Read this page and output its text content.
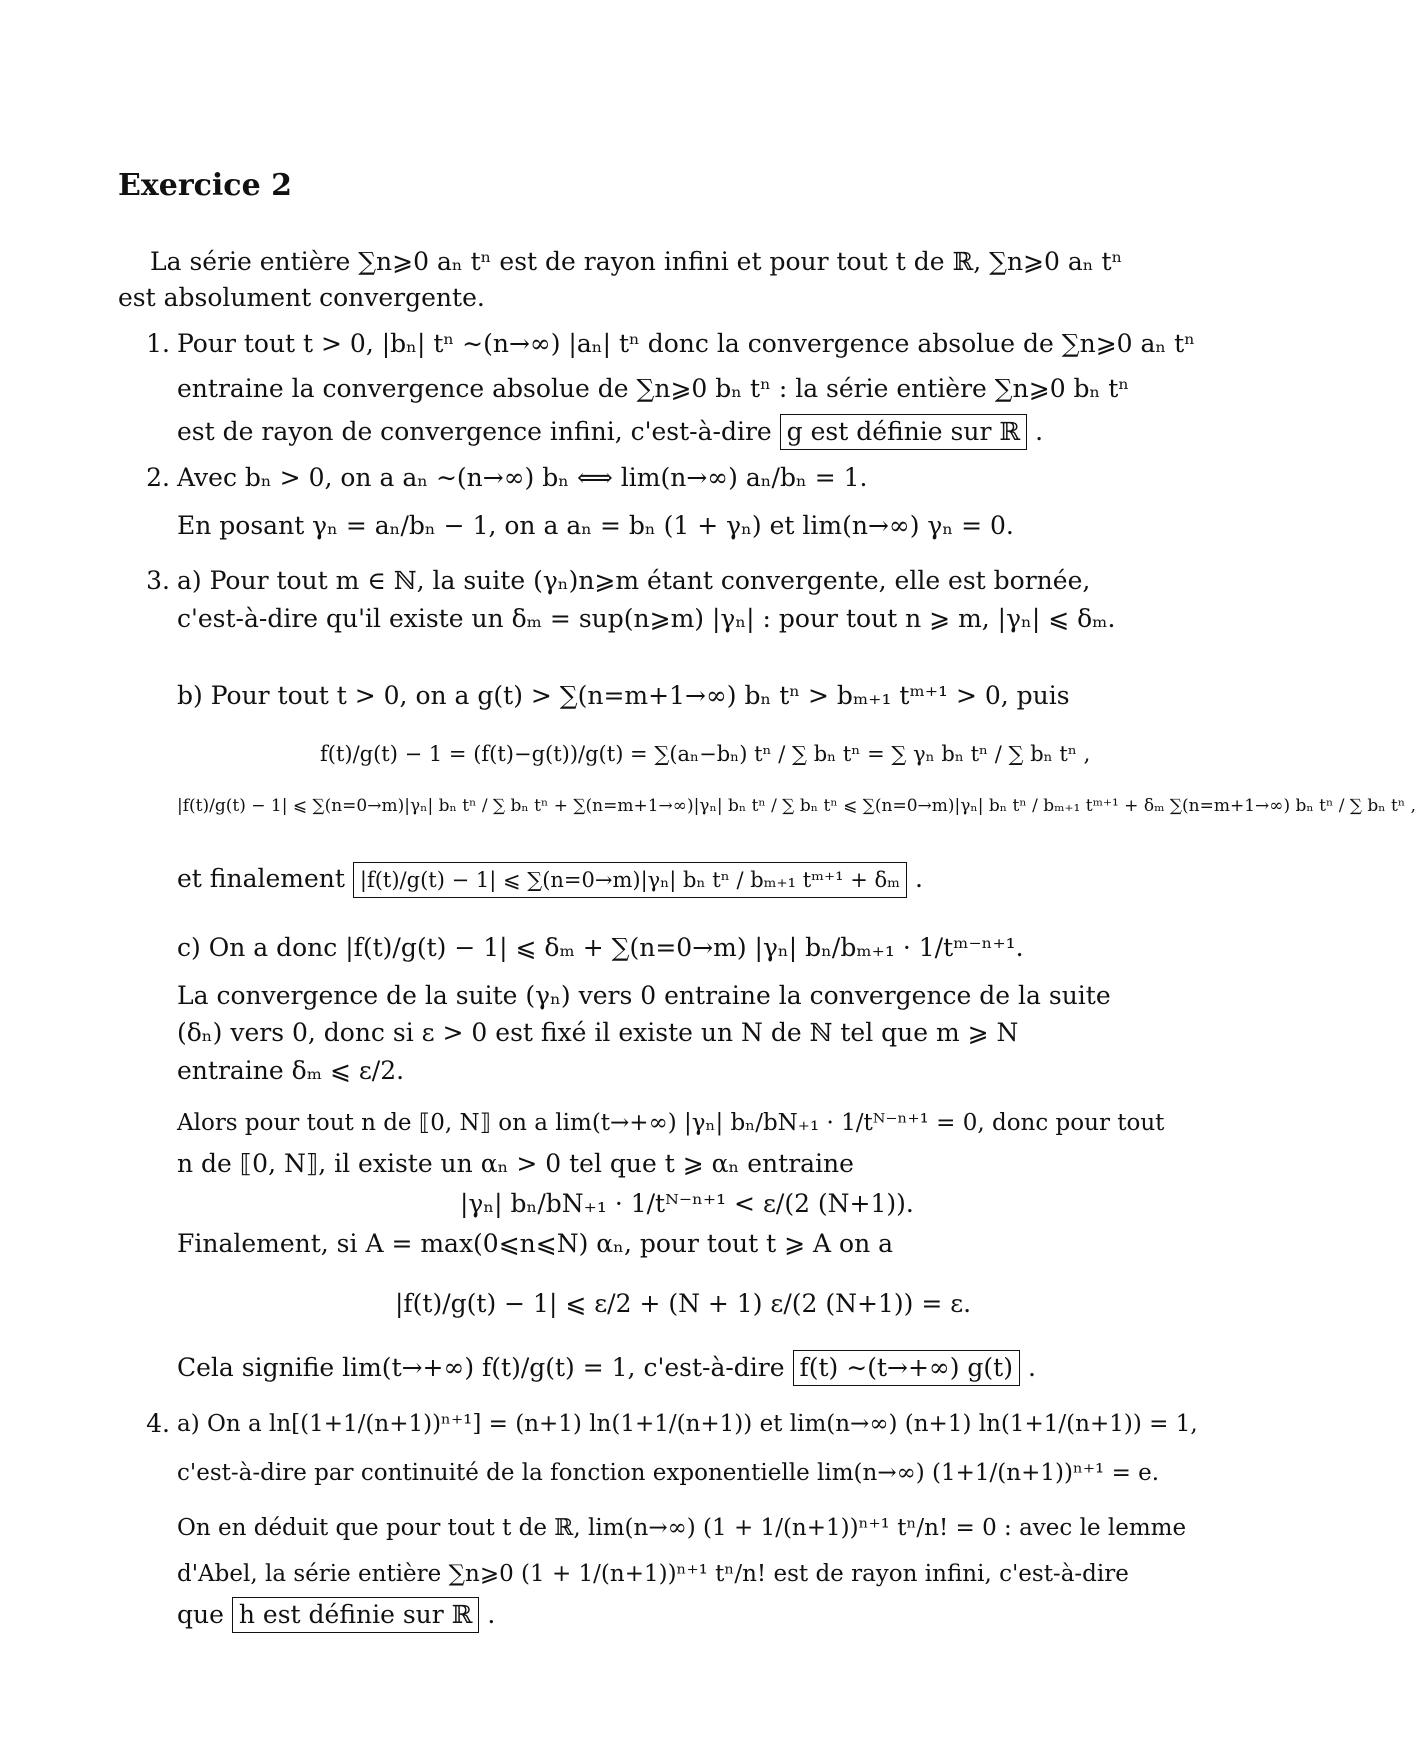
Exercice 2
La série entière ∑n⩾0 aₙ tⁿ est de rayon infini et pour tout t de ℝ, ∑n⩾0 aₙ tⁿ
est absolument convergente.
1. Pour tout t > 0, |bₙ| tⁿ ∼(n→∞) |aₙ| tⁿ donc la convergence absolue de ∑n⩾0 aₙ tⁿ
entraine la convergence absolue de ∑n⩾0 bₙ tⁿ : la série entière ∑n⩾0 bₙ tⁿ
est de rayon de convergence infini, c'est-à-dire g est définie sur ℝ .
2. Avec bₙ > 0, on a aₙ ∼(n→∞) bₙ ⟺ lim(n→∞) aₙ/bₙ = 1.
En posant γₙ = aₙ/bₙ − 1, on a aₙ = bₙ (1 + γₙ) et lim(n→∞) γₙ = 0.
3. a) Pour tout m ∈ ℕ, la suite (γₙ)n⩾m étant convergente, elle est bornée,
c'est-à-dire qu'il existe un δₘ = sup(n⩾m) |γₙ| : pour tout n ⩾ m, |γₙ| ⩽ δₘ.
b) Pour tout t > 0, on a g(t) > ∑(n=m+1→∞) bₙ tⁿ > bₘ₊₁ tᵐ⁺¹ > 0, puis
f(t)/g(t) − 1 = (f(t)−g(t))/g(t) = ∑(aₙ−bₙ) tⁿ / ∑ bₙ tⁿ = ∑ γₙ bₙ tⁿ / ∑ bₙ tⁿ ,
|f(t)/g(t) − 1| ⩽ ∑(n=0→m)|γₙ| bₙ tⁿ / ∑ bₙ tⁿ + ∑(n=m+1→∞)|γₙ| bₙ tⁿ / ∑ bₙ tⁿ ⩽ ∑(n=0→m)|γₙ| bₙ tⁿ / bₘ₊₁ tᵐ⁺¹ + δₘ ∑(n=m+1→∞) bₙ tⁿ / ∑ bₙ tⁿ ,
et finalement |f(t)/g(t) − 1| ⩽ ∑(n=0→m)|γₙ| bₙ tⁿ / bₘ₊₁ tᵐ⁺¹ + δₘ .
c) On a donc |f(t)/g(t) − 1| ⩽ δₘ + ∑(n=0→m) |γₙ| bₙ/bₘ₊₁ · 1/tᵐ⁻ⁿ⁺¹.
La convergence de la suite (γₙ) vers 0 entraine la convergence de la suite
(δₙ) vers 0, donc si ε > 0 est fixé il existe un N de ℕ tel que m ⩾ N
entraine δₘ ⩽ ε/2.
Alors pour tout n de ⟦0, N⟧ on a lim(t→+∞) |γₙ| bₙ/bN₊₁ · 1/tᴺ⁻ⁿ⁺¹ = 0, donc pour tout
n de ⟦0, N⟧, il existe un αₙ > 0 tel que t ⩾ αₙ entraine
|γₙ| bₙ/bN₊₁ · 1/tᴺ⁻ⁿ⁺¹ < ε/(2 (N+1)).
Finalement, si A = max(0⩽n⩽N) αₙ, pour tout t ⩾ A on a
|f(t)/g(t) − 1| ⩽ ε/2 + (N + 1) ε/(2 (N+1)) = ε.
Cela signifie lim(t→+∞) f(t)/g(t) = 1, c'est-à-dire f(t) ∼(t→+∞) g(t) .
4. a) On a ln[(1+1/(n+1))ⁿ⁺¹] = (n+1) ln(1+1/(n+1)) et lim(n→∞) (n+1) ln(1+1/(n+1)) = 1,
c'est-à-dire par continuité de la fonction exponentielle lim(n→∞) (1+1/(n+1))ⁿ⁺¹ = e.
On en déduit que pour tout t de ℝ, lim(n→∞) (1 + 1/(n+1))ⁿ⁺¹ tⁿ/n! = 0 : avec le lemme
d'Abel, la série entière ∑n⩾0 (1 + 1/(n+1))ⁿ⁺¹ tⁿ/n! est de rayon infini, c'est-à-dire
que h est définie sur ℝ .
